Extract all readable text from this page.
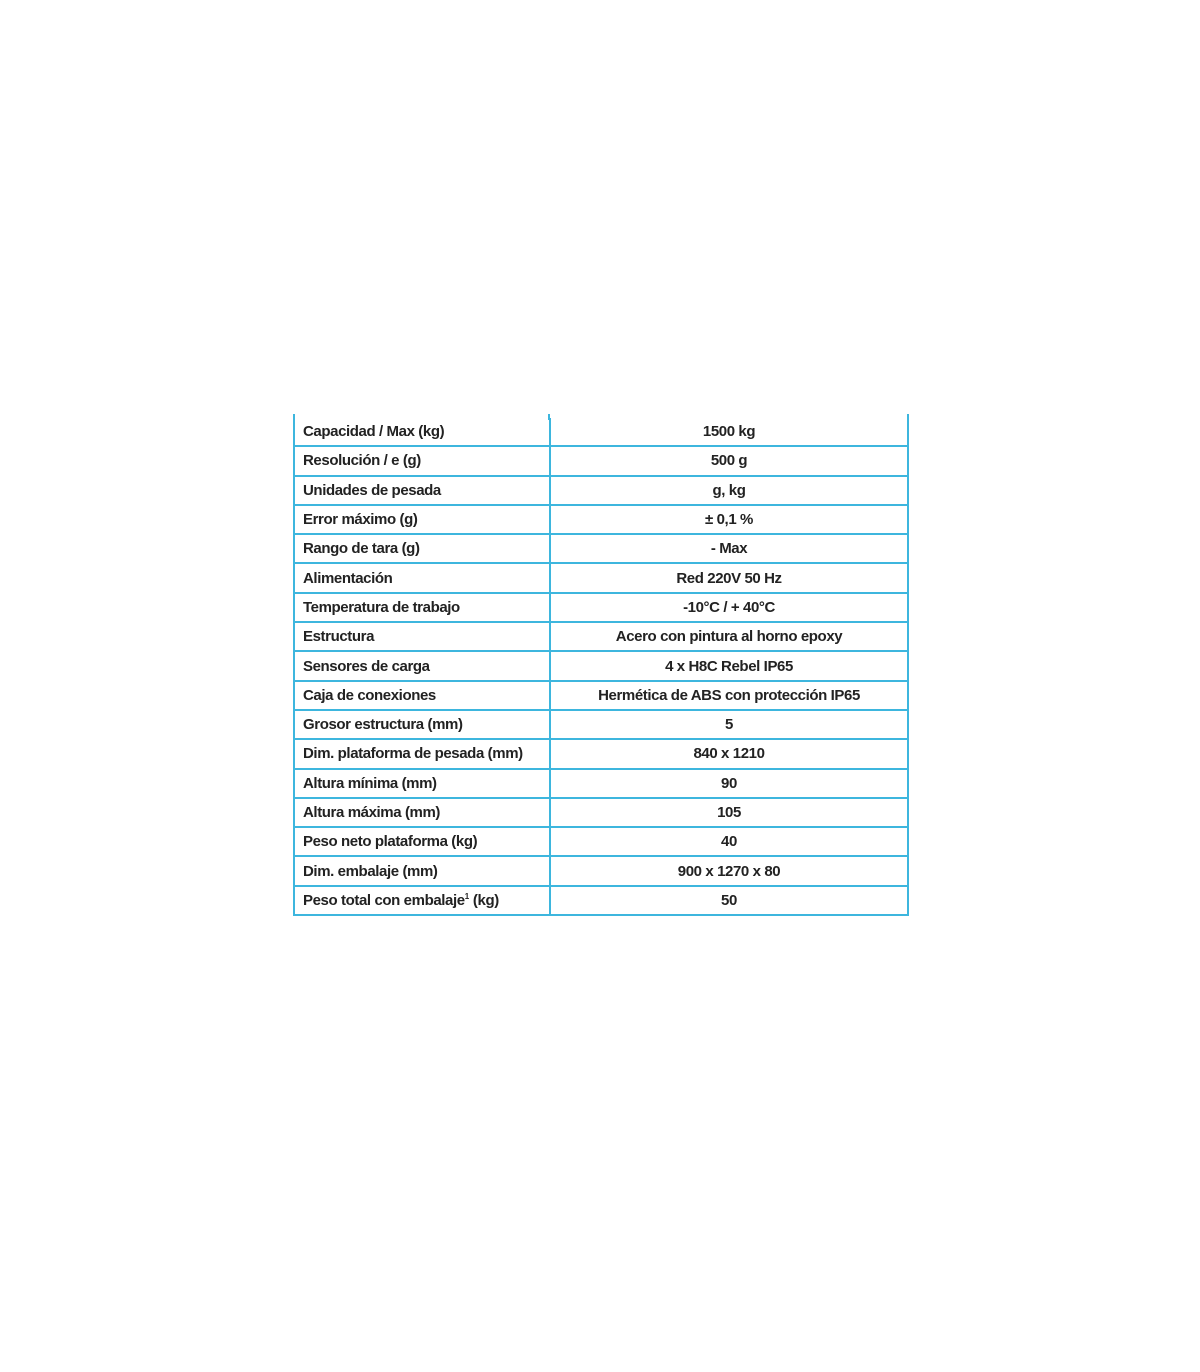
Capacidad / Max (kg)	1500 kg
Resolución / e (g)	500 g
Unidades de pesada	g, kg
Error máximo (g)	± 0,1 %
Rango de tara (g)	- Max
Alimentación	Red 220V 50 Hz
Temperatura de trabajo	-10°C / + 40°C
Estructura	Acero con pintura al horno epoxy
Sensores de carga	4 x H8C Rebel IP65
Caja de conexiones	Hermética de ABS con protección IP65
Grosor estructura (mm)	5
Dim. plataforma de pesada (mm)	840 x 1210
Altura mínima (mm)	90
Altura máxima (mm)	105
Peso neto plataforma (kg)	40
Dim. embalaje (mm)	900 x 1270 x 80
Peso total con embalaje$^1$ (kg)	50
